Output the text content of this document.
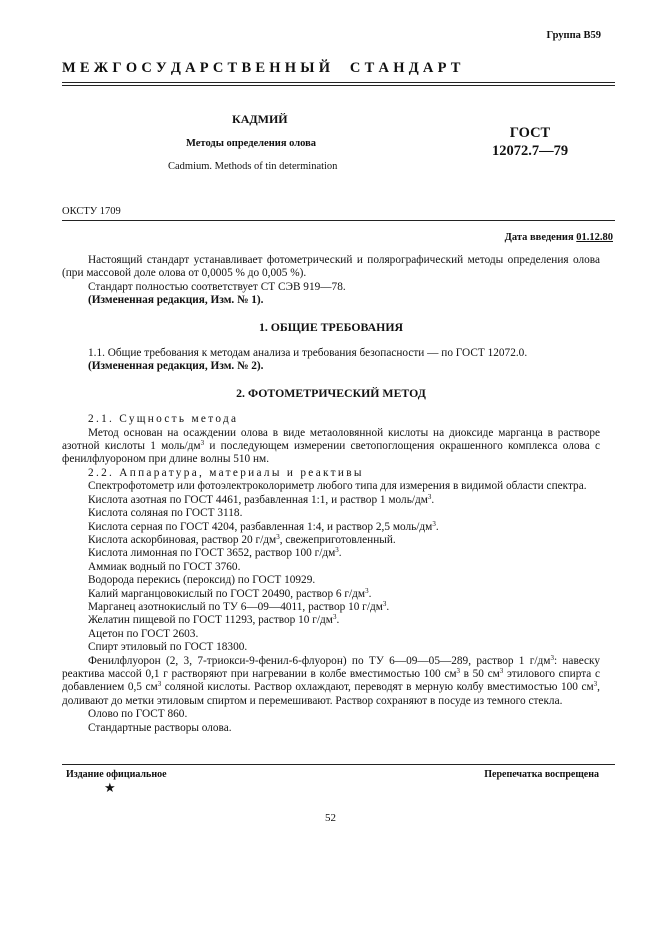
Группа B59
М Е Ж Г О С У Д А Р С Т В Е Н Н Ы Й     С Т А Н Д А Р Т
КАДМИЙ
Методы определения олова
Cadmium. Methods of tin determination
ГОСТ
12072.7—79
ОКСТУ 1709
Дата введения 01.12.80
Настоящий стандарт устанавливает фотометрический и полярографический методы определения олова (при массовой доле олова от 0,0005 % до 0,005 %).
Стандарт полностью соответствует СТ СЭВ 919—78.
(Измененная редакция, Изм. № 1).
1. ОБЩИЕ ТРЕБОВАНИЯ
1.1. Общие требования к методам анализа и требования безопасности — по ГОСТ 12072.0.
(Измененная редакция, Изм. № 2).
2. ФОТОМЕТРИЧЕСКИЙ МЕТОД
2.1. Сущность метода
Метод основан на осаждении олова в виде метаоловянной кислоты на диоксиде марганца в растворе азотной кислоты 1 моль/$дм^3$ и последующем измерении светопоглощения окрашенного комплекса олова с фенилфлуороном при длине волны 510 нм.
2.2. Аппаратура, материалы и реактивы
Спектрофотометр или фотоэлектроколориметр любого типа для измерения в видимой области спектра.
Кислота азотная по ГОСТ 4461, разбавленная 1:1, и раствор 1 моль/$дм^3$.
Кислота соляная по ГОСТ 3118.
Кислота серная по ГОСТ 4204, разбавленная 1:4, и раствор 2,5 моль/$дм^3$.
Кислота аскорбиновая, раствор 20 $г/дм^3$, свежеприготовленный.
Кислота лимонная по ГОСТ 3652, раствор 100 $г/дм^3$.
Аммиак водный по ГОСТ 3760.
Водорода перекись (пероксид) по ГОСТ 10929.
Калий марганцовокислый по ГОСТ 20490, раствор 6 $г/дм^3$.
Марганец азотнокислый по ТУ 6—09—4011, раствор 10 $г/дм^3$.
Желатин пищевой по ГОСТ 11293, раствор 10 $г/дм^3$.
Ацетон по ГОСТ 2603.
Спирт этиловый по ГОСТ 18300.
Фенилфлуорон (2, 3, 7-триокси-9-фенил-6-флуорон) по ТУ 6—09—05—289, раствор 1 $г/дм^3$: навеску реактива массой 0,1 г растворяют при нагревании в колбе вместимостью 100 $см^3$ в 50 $см^3$ этилового спирта с добавлением 0,5 $см^3$ соляной кислоты. Раствор охлаждают, переводят в мерную колбу вместимостью 100 $см^3$, доливают до метки этиловым спиртом и перемешивают. Раствор сохраняют в посуде из темного стекла.
Олово по ГОСТ 860.
Стандартные растворы олова.
Издание официальное
★
Перепечатка воспрещена
52
